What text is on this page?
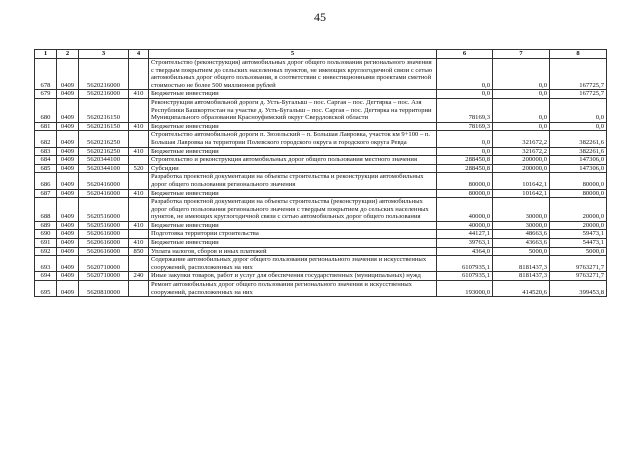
45
1	2	3	4	5	6	7	8
678	0409	5620216000		Строительство (реконструкция) автомобильных дорог общего пользования регионального значения с твердым покрытием до сельских населенных пунктов, не имеющих круглогодичной связи с сетью автомобильных дорог общего пользования, в соответствии с инвестиционными проектами сметной стоимостью не более 500 миллионов рублей	0,0	0,0	167725,7
679	0409	5620216000	410	Бюджетные инвестиции	0,0	0,0	167725,7
680	0409	5620216150		Реконструкция автомобильной дороги д. Усть-Бугалыш – пос. Саргая – пос. Дегтярка – пос. Азя Республики Башкортостан на участке д. Усть-Бугалыш – пос. Саргая – пос. Дегтярка на территории Муниципального образования Красноуфимский округ Свердловской области	78169,3	0,0	0,0
681	0409	5620216150	410	Бюджетные инвестиции	78169,3	0,0	0,0
682	0409	5620216250		Строительство автомобильной дороги п. Зюзельский – п. Большая Лавровка, участок км 9+100 – п. Большая Лавровка на территории Полевского городского округа и городского округа Ревда	0,0	321672,2	382261,6
683	0409	5620216250	410	Бюджетные инвестиции	0,0	321672,2	382261,6
684	0409	5620344100		Строительство и реконструкция автомобильных дорог общего пользования местного значения	288450,8	200000,0	147306,0
685	0409	5620344100	520	Субсидии	288450,8	200000,0	147306,0
686	0409	5620416000		Разработка проектной документации на объекты строительства и реконструкции автомобильных дорог общего пользования регионального значения	80000,0	101642,1	80000,0
687	0409	5620416000	410	Бюджетные инвестиции	80000,0	101642,1	80000,0
688	0409	5620516000		Разработка проектной документации на объекты строительства (реконструкции) автомобильных дорог общего пользования регионального значения с твердым покрытием до сельских населенных пунктов, не имеющих круглогодичной связи с сетью автомобильных дорог общего пользования	40000,0	30000,0	20000,0
689	0409	5620516000	410	Бюджетные инвестиции	40000,0	30000,0	20000,0
690	0409	5620616000		Подготовка территории строительства	44127,1	48663,6	59473,1
691	0409	5620616000	410	Бюджетные инвестиции	39763,1	43663,6	54473,1
692	0409	5620616000	850	Уплата налогов, сборов и иных платежей	4364,0	5000,0	5000,0
693	0409	5620710000		Содержание автомобильных дорог общего пользования регионального значения и искусственных сооружений, расположенных на них	6107935,1	8181437,3	9763271,7
694	0409	5620710000	240	Иные закупки товаров, работ и услуг для обеспечения государственных (муниципальных) нужд	6107935,1	8181437,3	9763271,7
695	0409	5620810000		Ремонт автомобильных дорог общего пользования регионального значения и искусственных сооружений, расположенных на них	193000,0	414520,6	399453,8
